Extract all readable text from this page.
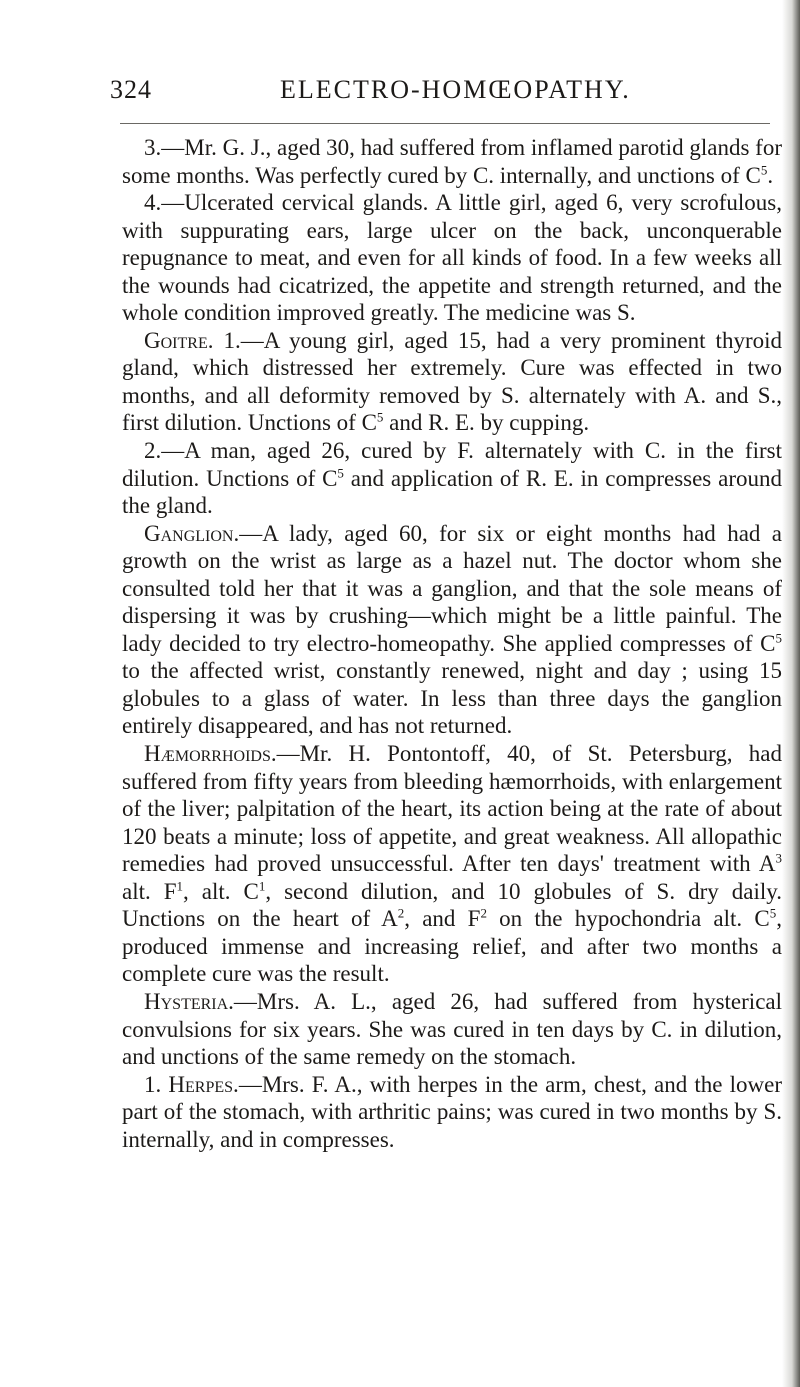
324	ELECTRO-HOMŒOPATHY.

3.—Mr. G. J., aged 30, had suffered from inflamed parotid glands for some months. Was perfectly cured by C. internally, and unctions of $C^5$.

4.—Ulcerated cervical glands. A little girl, aged 6, very scrofulous, with suppurating ears, large ulcer on the back, unconquerable repugnance to meat, and even for all kinds of food. In a few weeks all the wounds had cicatrized, the appetite and strength returned, and the whole condition improved greatly. The medicine was S.

Goitre. 1.—A young girl, aged 15, had a very prominent thyroid gland, which distressed her extremely. Cure was effected in two months, and all deformity removed by S. alternately with A. and S., first dilution. Unctions of $C^5$ and R. E. by cupping.

2.—A man, aged 26, cured by F. alternately with C. in the first dilution. Unctions of $C^5$ and application of R. E. in compresses around the gland.

Ganglion.—A lady, aged 60, for six or eight months had had a growth on the wrist as large as a hazel nut. The doctor whom she consulted told her that it was a ganglion, and that the sole means of dispersing it was by crushing—which might be a little painful. The lady decided to try electro-homeopathy. She applied compresses of $C^5$ to the affected wrist, constantly renewed, night and day ; using 15 globules to a glass of water. In less than three days the ganglion entirely disappeared, and has not returned.

Hæmorrhoids.—Mr. H. Pontontoff, 40, of St. Petersburg, had suffered from fifty years from bleeding hæmorrhoids, with enlargement of the liver; palpitation of the heart, its action being at the rate of about 120 beats a minute; loss of appetite, and great weakness. All allopathic remedies had proved unsuccessful. After ten days' treatment with $A^3$ alt. $F^1$, alt. $C^1$, second dilution, and 10 globules of S. dry daily. Unctions on the heart of $A^2$, and $F^2$ on the hypochondria alt. $C^5$, produced immense and increasing relief, and after two months a complete cure was the result.

Hysteria.—Mrs. A. L., aged 26, had suffered from hysterical convulsions for six years. She was cured in ten days by C. in dilution, and unctions of the same remedy on the stomach.

1. Herpes.—Mrs. F. A., with herpes in the arm, chest, and the lower part of the stomach, with arthritic pains; was cured in two months by S. internally, and in compresses.
